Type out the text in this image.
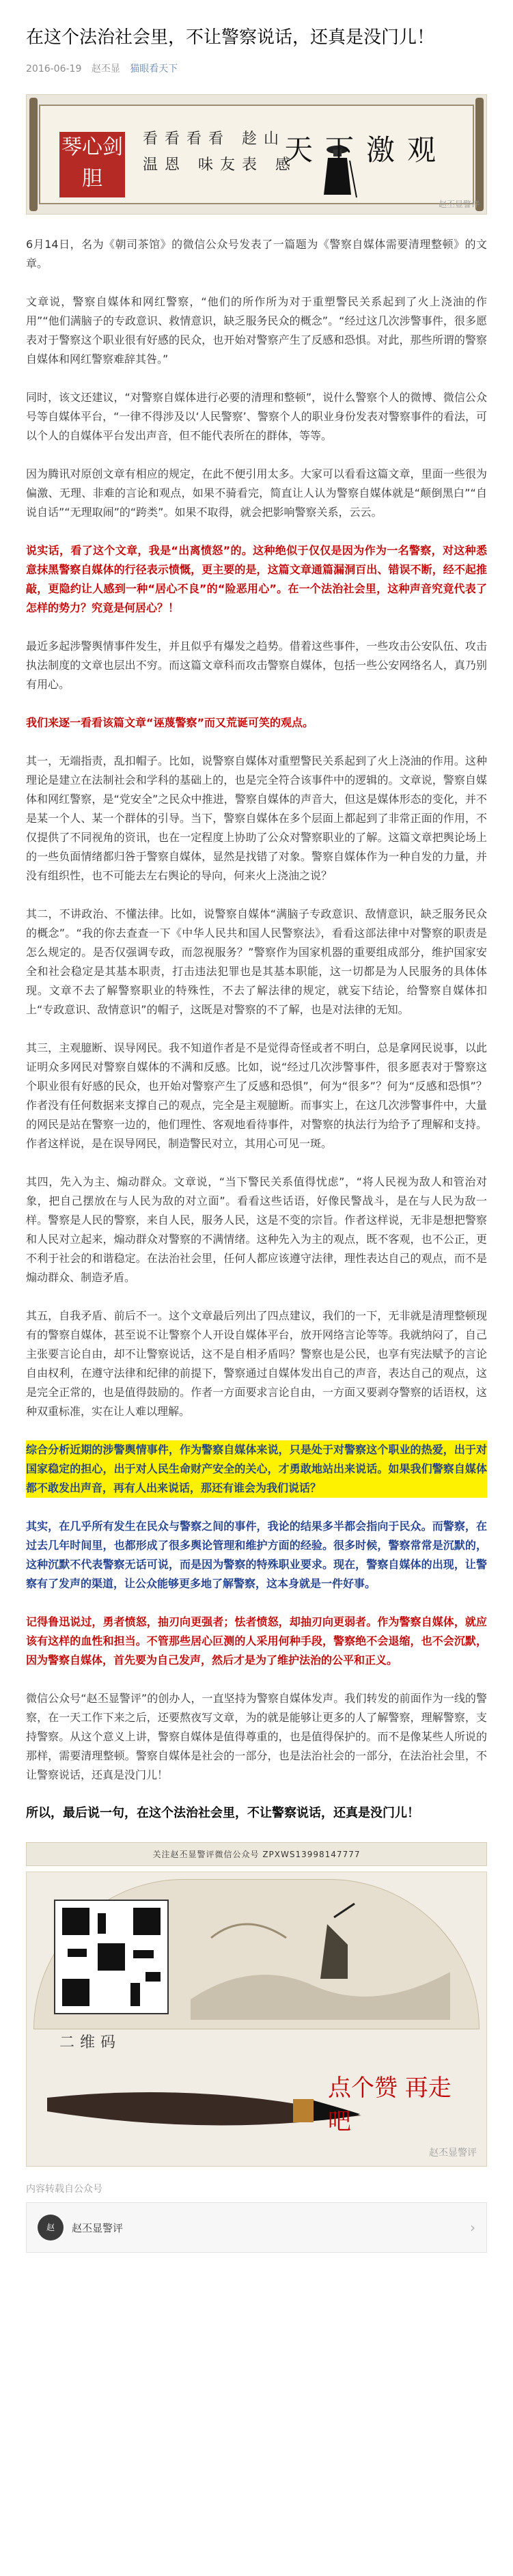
在这个法治社会里，不让警察说话，还真是没门儿！
2016-06-19 赵丕显 猫眼看天下
琴心剑胆
看看看看 趁山温恩 味友表 感
天下激观
赵丕显警评

6月14日，名为《朝司茶馆》的微信公众号发表了一篇题为《警察自媒体需要清理整顿》的文章。

文章说，警察自媒体和网红警察，“他们的所作所为对于重塑警民关系起到了火上浇油的作用”“他们满脑子的专政意识、救情意识，缺乏服务民众的概念”。“经过这几次涉警事件，很多愿表对于警察这个职业很有好感的民众，也开始对警察产生了反感和恐惧。对此，那些所谓的警察自媒体和网红警察难辞其咎。”

同时，该文还建议，“对警察自媒体进行必要的清理和整顿”，说什么警察个人的微博、微信公众号等自媒体平台，“一律不得涉及以‘人民警察’、警察个人的职业身份发表对警察事件的看法，可以个人的自媒体平台发出声音，但不能代表所在的群体，等等。

因为腾讯对原创文章有相应的规定，在此不便引用太多。大家可以看看这篇文章，里面一些很为偏激、无理、非难的言论和观点，如果不骑看完，简直让人认为警察自媒体就是“颠倒黑白”“自说自话”“无理取闹”的“跨类”。如果不取得，就会把影响警察关系，云云。

说实话，看了这个文章，我是“出离愤怒”的。这种绝似于仅仅是因为作为一名警察，对这种悉意抹黑警察自媒体的行径表示愤慨，更主要的是，这篇文章通篇漏洞百出、错误不断，经不起推敲，更隐约让人感到一种“居心不良”的“险恶用心”。在一个法治社会里，这种声音究竟代表了怎样的势力？究竟是何居心？！

最近多起涉警舆情事件发生，并且似乎有爆发之趋势。借着这些事件，一些攻击公安队伍、攻击执法制度的文章也层出不穷。而这篇文章科而攻击警察自媒体，包括一些公安网络名人，真乃别有用心。

我们来逐一看看该篇文章“诬蔑警察”而又荒诞可笑的观点。

其一，无端指责，乱扣帽子。比如，说警察自媒体对重塑警民关系起到了火上浇油的作用。这种理论是建立在法制社会和学科的基础上的，也是完全符合该事件中的逻辑的。文章说，警察自媒体和网红警察，是“党安全”之民众中推进，警察自媒体的声音大，但这是媒体形态的变化，并不是某一个人、某一个群体的引导。当下，警察自媒体在多个层面上都起到了非常正面的作用，不仅提供了不同视角的资讯，也在一定程度上协助了公众对警察职业的了解。这篇文章把舆论场上的一些负面情绪都归咎于警察自媒体，显然是找错了对象。警察自媒体作为一种自发的力量，并没有组织性，也不可能去左右舆论的导向，何来火上浇油之说？

其二，不讲政治、不懂法律。比如，说警察自媒体“满脑子专政意识、敌情意识，缺乏服务民众的概念”。“我的你去查查一下《中华人民共和国人民警察法》，看看这部法律中对警察的职责是怎么规定的。是否仅强调专政，而忽视服务？”警察作为国家机器的重要组成部分，维护国家安全和社会稳定是其基本职责，打击违法犯罪也是其基本职能，这一切都是为人民服务的具体体现。文章不去了解警察职业的特殊性，不去了解法律的规定，就妄下结论，给警察自媒体扣上“专政意识、敌情意识”的帽子，这既是对警察的不了解，也是对法律的无知。

其三，主观臆断、误导网民。我不知道作者是不是觉得奇怪或者不明白，总是拿网民说事，以此证明众多网民对警察自媒体的不满和反感。比如，说“经过几次涉警事件，很多愿表对于警察这个职业很有好感的民众，也开始对警察产生了反感和恐惧”，何为“很多”？何为“反感和恐惧”？作者没有任何数据来支撑自己的观点，完全是主观臆断。而事实上，在这几次涉警事件中，大量的网民是站在警察一边的，他们理性、客观地看待事件，对警察的执法行为给予了理解和支持。作者这样说，是在误导网民，制造警民对立，其用心可见一斑。

其四，先入为主、煽动群众。文章说，“当下警民关系值得忧虑”，“将人民视为敌人和管治对象，把自己摆放在与人民为敌的对立面”。看看这些话语，好像民警战斗，是在与人民为敌一样。警察是人民的警察，来自人民，服务人民，这是不变的宗旨。作者这样说，无非是想把警察和人民对立起来，煽动群众对警察的不满情绪。这种先入为主的观点，既不客观，也不公正，更不利于社会的和谐稳定。在法治社会里，任何人都应该遵守法律，理性表达自己的观点，而不是煽动群众、制造矛盾。

其五，自我矛盾、前后不一。这个文章最后列出了四点建议，我们的一下，无非就是清理整顿现有的警察自媒体，甚至说不让警察个人开设自媒体平台，放开网络言论等等。我就纳闷了，自己主张要言论自由，却不让警察说话，这不是自相矛盾吗？警察也是公民，也享有宪法赋予的言论自由权利，在遵守法律和纪律的前提下，警察通过自媒体发出自己的声音，表达自己的观点，这是完全正常的，也是值得鼓励的。作者一方面要求言论自由，一方面又要剥夺警察的话语权，这种双重标准，实在让人难以理解。

综合分析近期的涉警舆情事件，作为警察自媒体来说，只是处于对警察这个职业的热爱，出于对国家稳定的担心，出于对人民生命财产安全的关心，才勇敢地站出来说话。如果我们警察自媒体都不敢发出声音，再有人出来说话，那还有谁会为我们说话？

其实，在几乎所有发生在民众与警察之间的事件，我论的结果多半都会指向于民众。而警察，在过去几年时间里，也都形成了很多舆论管理和维护方面的经验。很多时候，警察常常是沉默的，这种沉默不代表警察无话可说，而是因为警察的特殊职业要求。现在，警察自媒体的出现，让警察有了发声的渠道，让公众能够更多地了解警察，这本身就是一件好事。

记得鲁迅说过，勇者愤怒，抽刃向更强者；怯者愤怒，却抽刃向更弱者。作为警察自媒体，就应该有这样的血性和担当。不管那些居心叵测的人采用何种手段，警察绝不会退缩，也不会沉默，因为警察自媒体，首先要为自己发声，然后才是为了维护法治的公平和正义。

微信公众号“赵丕显警评”的创办人，一直坚持为警察自媒体发声。我们转发的前面作为一线的警察，在一天工作下来之后，还要熬夜写文章，为的就是能够让更多的人了解警察，理解警察，支持警察。从这个意义上讲，警察自媒体是值得尊重的，也是值得保护的。而不是像某些人所说的那样，需要清理整顿。警察自媒体是社会的一部分，也是法治社会的一部分，在法治社会里，不让警察说话，还真是没门儿！

所以，最后说一句，在这个法治社会里，不让警察说话，还真是没门儿！

关注赵丕显警评微信公众号 ZPXWS13998147777
二维码
点个赞 再走吧
赵丕显警评
内容转载自公众号
赵	赵丕显警评	›
